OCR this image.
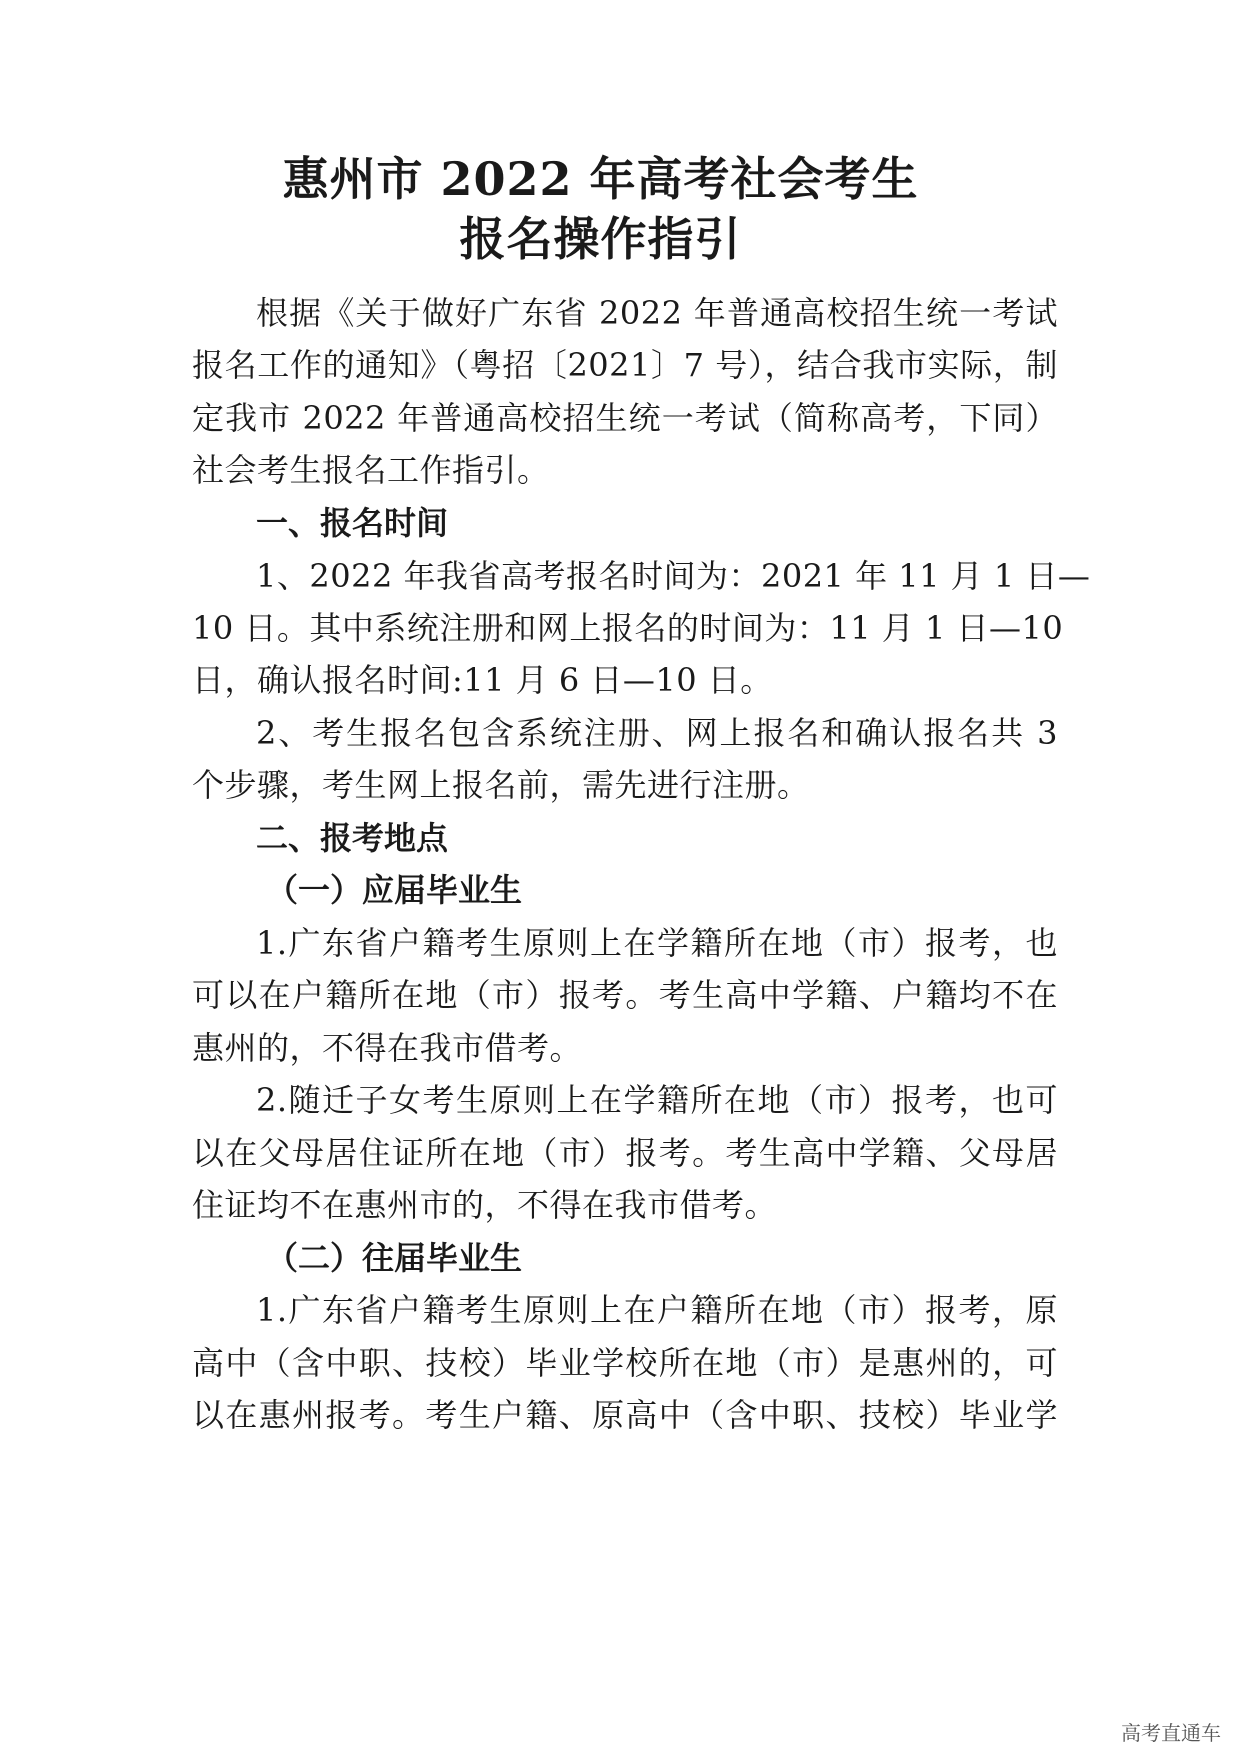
惠州市 2022 年高考社会考生
报名操作指引
根据《关于做好广东省 2022 年普通高校招生统一考试
报名工作的通知》（粤招〔2021〕7 号），结合我市实际，制
定我市 2022 年普通高校招生统一考试（简称高考，下同）
社会考生报名工作指引。
一、报名时间
1、2022 年我省高考报名时间为：2021 年 11 月 1 日—
10 日。其中系统注册和网上报名的时间为：11 月 1 日—10
日，确认报名时间:11 月 6 日—10 日。
2、考生报名包含系统注册、网上报名和确认报名共 3
个步骤，考生网上报名前，需先进行注册。
二、报考地点
（一）应届毕业生
1.广东省户籍考生原则上在学籍所在地（市）报考，也
可以在户籍所在地（市）报考。考生高中学籍、户籍均不在
惠州的，不得在我市借考。
2.随迁子女考生原则上在学籍所在地（市）报考，也可
以在父母居住证所在地（市）报考。考生高中学籍、父母居
住证均不在惠州市的，不得在我市借考。
（二）往届毕业生
1.广东省户籍考生原则上在户籍所在地（市）报考，原
高中（含中职、技校）毕业学校所在地（市）是惠州的，可
以在惠州报考。考生户籍、原高中（含中职、技校）毕业学
高考直通车
